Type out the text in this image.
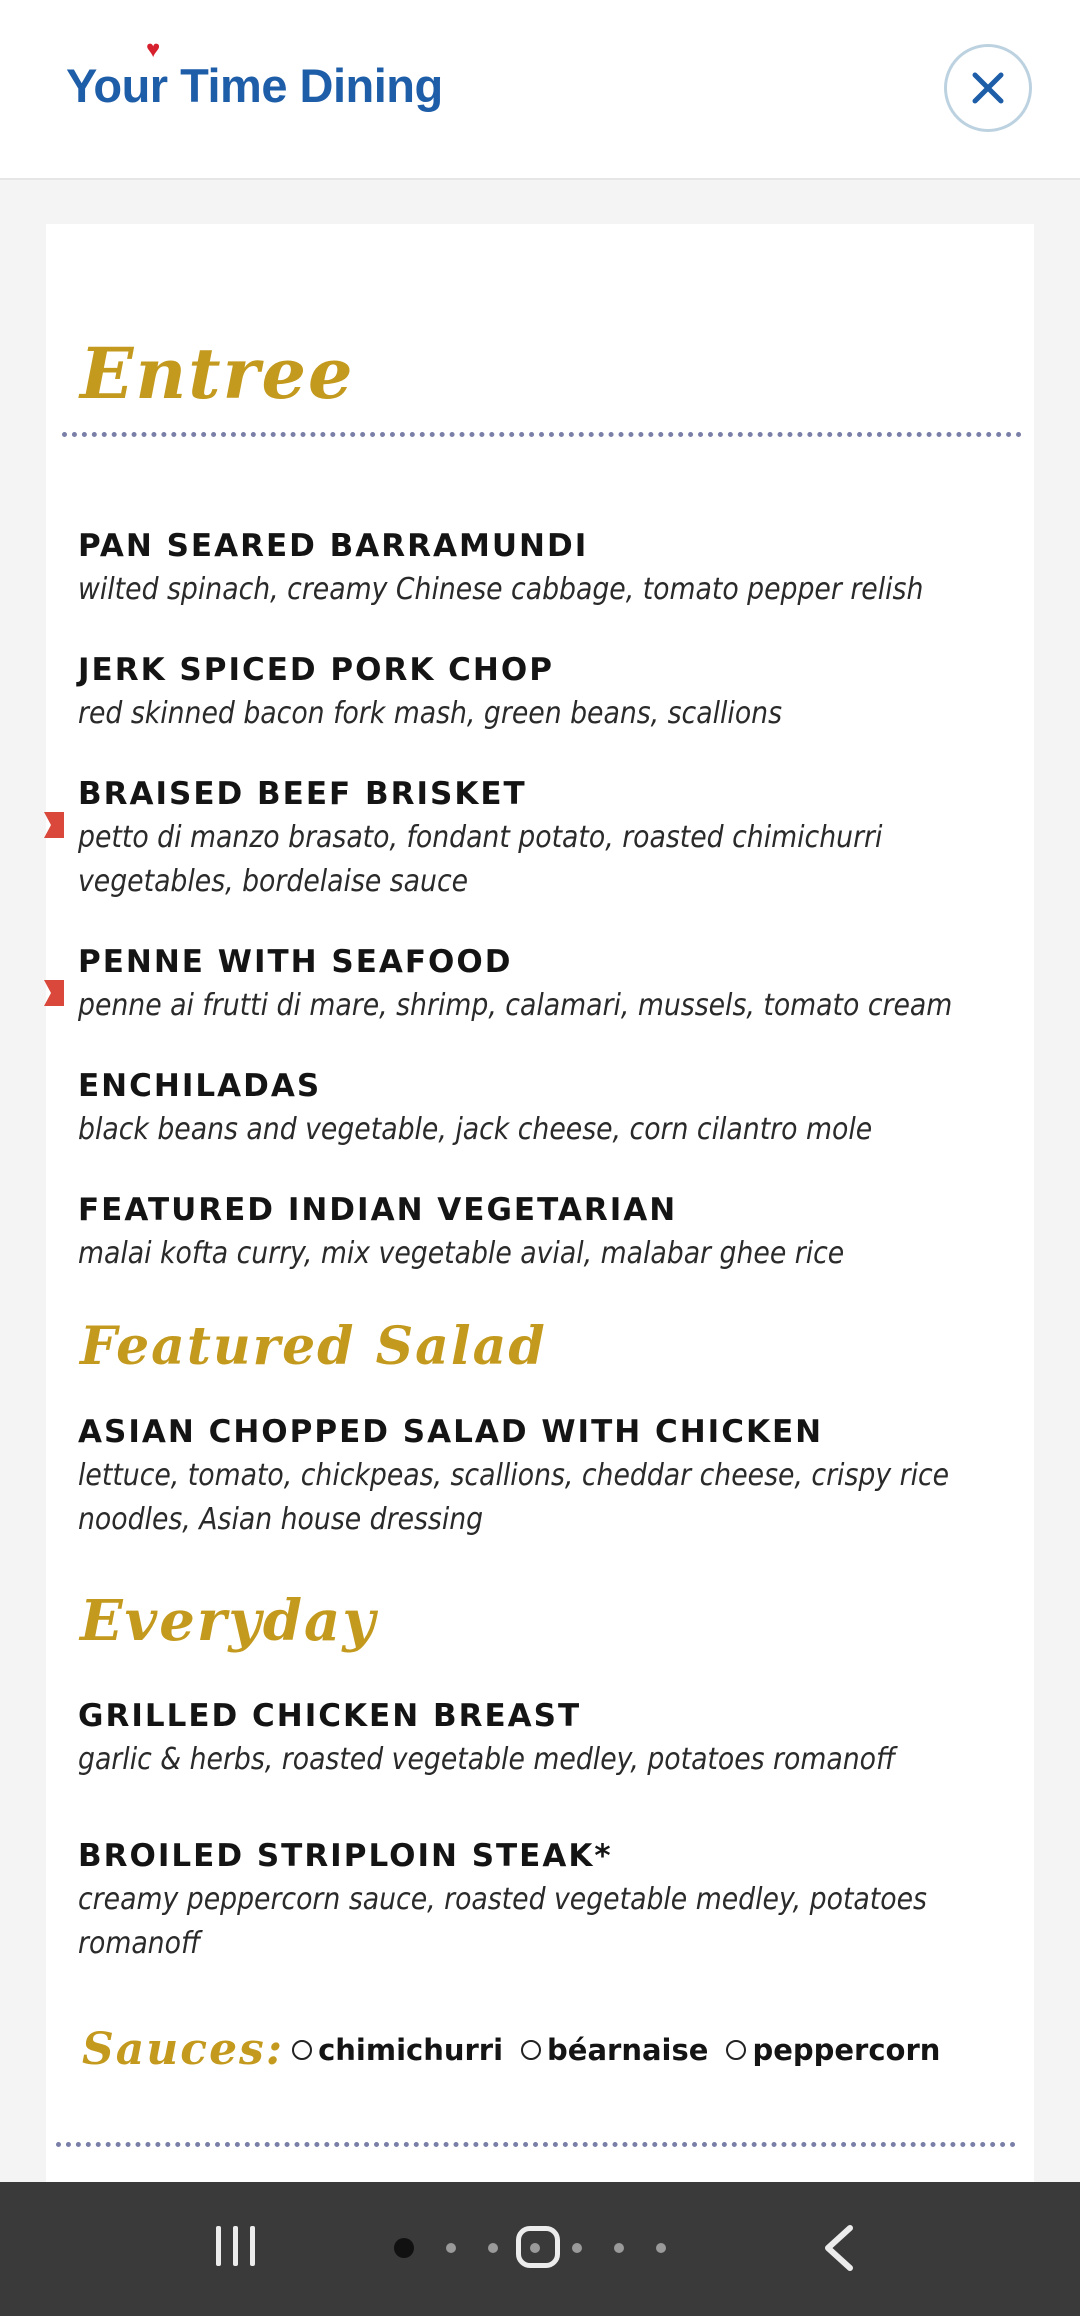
♥
Your Time Dining
Entree
PAN SEARED BARRAMUNDI
wilted spinach, creamy Chinese cabbage, tomato pepper relish
JERK SPICED PORK CHOP
red skinned bacon fork mash, green beans, scallions
BRAISED BEEF BRISKET
petto di manzo brasato, fondant potato, roasted chimichurri vegetables, bordelaise sauce
PENNE WITH SEAFOOD
penne ai frutti di mare, shrimp, calamari, mussels, tomato cream
ENCHILADAS
black beans and vegetable, jack cheese, corn cilantro mole
FEATURED INDIAN VEGETARIAN
malai kofta curry, mix vegetable avial, malabar ghee rice
Featured Salad
ASIAN CHOPPED SALAD WITH CHICKEN
lettuce, tomato, chickpeas, scallions, cheddar cheese, crispy rice noodles, Asian house dressing
Everyday
GRILLED CHICKEN BREAST
garlic & herbs, roasted vegetable medley, potatoes romanoff
BROILED STRIPLOIN STEAK*
creamy peppercorn sauce, roasted vegetable medley, potatoes romanoff
Sauces: chimichurri béarnaise peppercorn
